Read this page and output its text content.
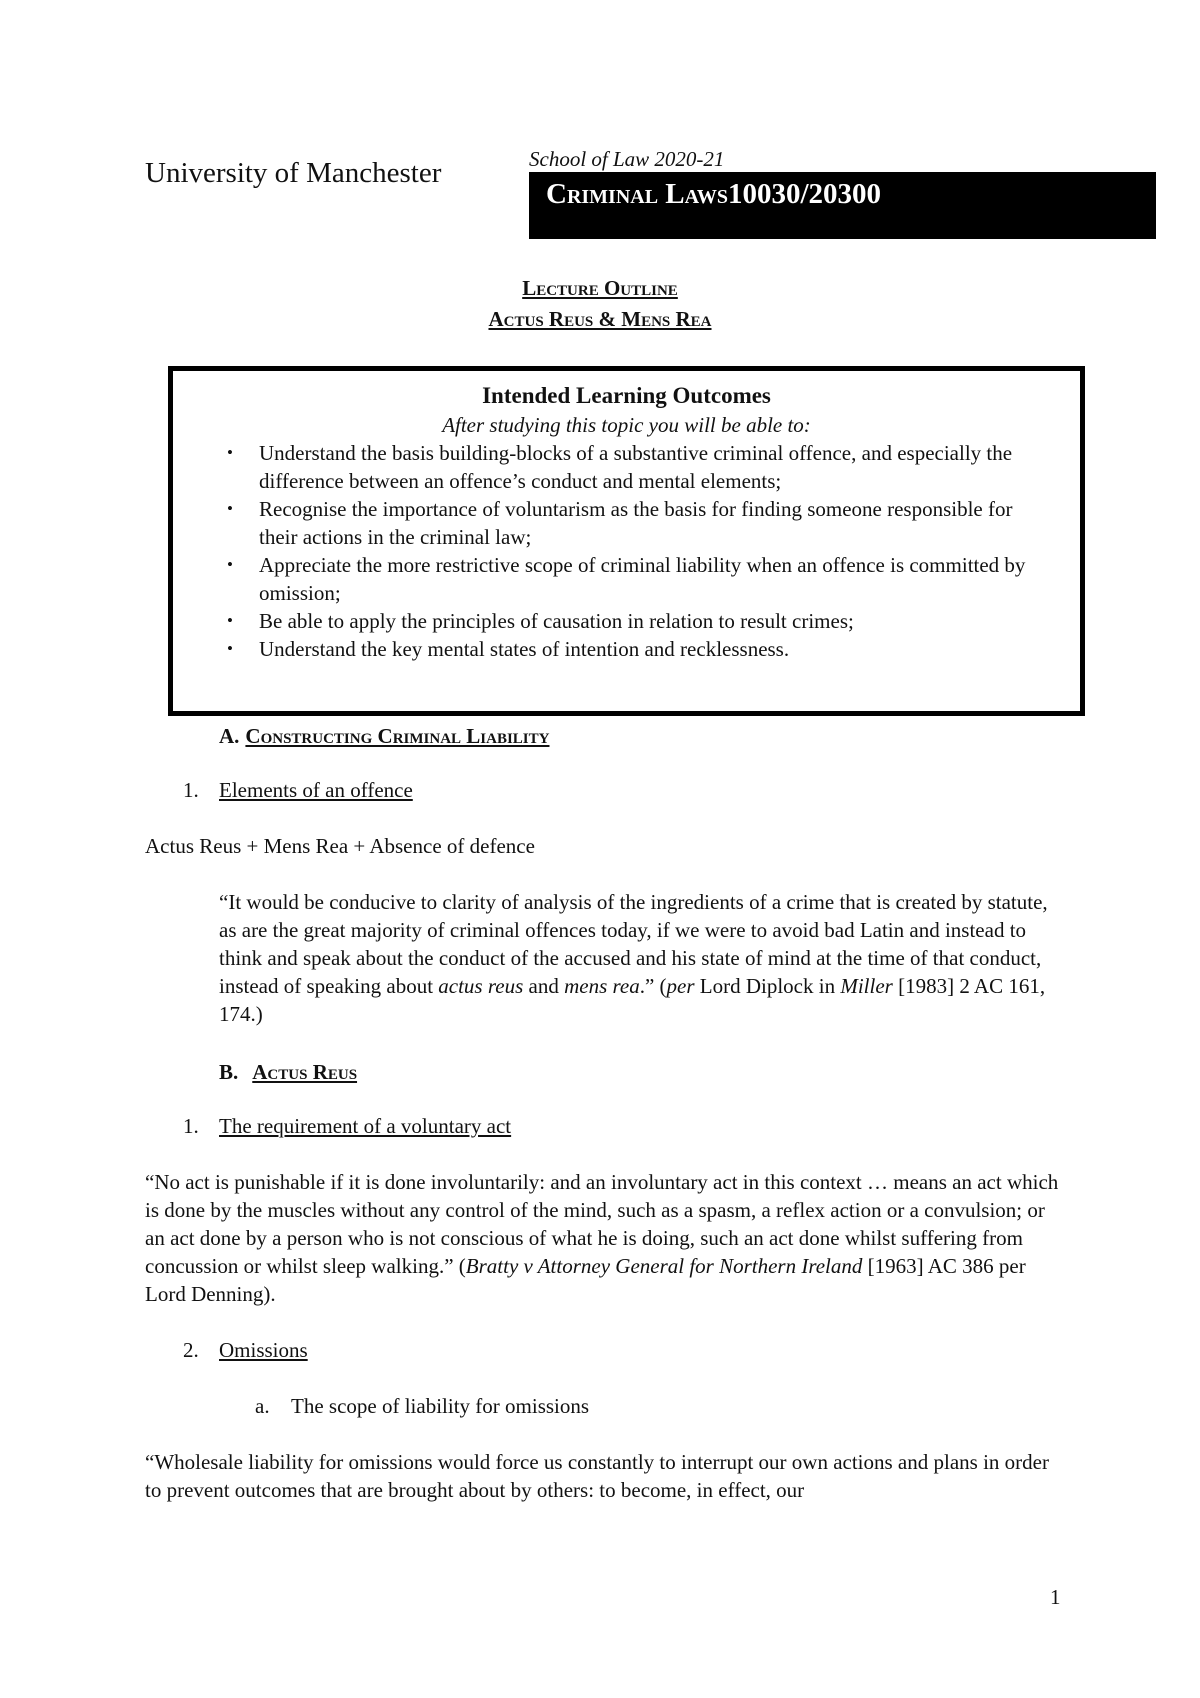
University of Manchester	School of Law 2020-21
Criminal Laws10030/20300
Lecture Outline
Actus Reus & Mens Rea
Intended Learning Outcomes
After studying this topic you will be able to:
• Understand the basis building-blocks of a substantive criminal offence, and especially the difference between an offence’s conduct and mental elements;
• Recognise the importance of voluntarism as the basis for finding someone responsible for their actions in the criminal law;
• Appreciate the more restrictive scope of criminal liability when an offence is committed by omission;
• Be able to apply the principles of causation in relation to result crimes;
• Understand the key mental states of intention and recklessness.
A. Constructing Criminal Liability
1. Elements of an offence
Actus Reus + Mens Rea + Absence of defence
“It would be conducive to clarity of analysis of the ingredients of a crime that is created by statute, as are the great majority of criminal offences today, if we were to avoid bad Latin and instead to think and speak about the conduct of the accused and his state of mind at the time of that conduct, instead of speaking about actus reus and mens rea.” (per Lord Diplock in Miller [1983] 2 AC 161, 174.)
B. Actus Reus
1. The requirement of a voluntary act
“No act is punishable if it is done involuntarily: and an involuntary act in this context … means an act which is done by the muscles without any control of the mind, such as a spasm, a reflex action or a convulsion; or an act done by a person who is not conscious of what he is doing, such an act done whilst suffering from concussion or whilst sleep walking.” (Bratty v Attorney General for Northern Ireland [1963] AC 386 per Lord Denning).
2. Omissions
a. The scope of liability for omissions
“Wholesale liability for omissions would force us constantly to interrupt our own actions and plans in order to prevent outcomes that are brought about by others: to become, in effect, our
1
